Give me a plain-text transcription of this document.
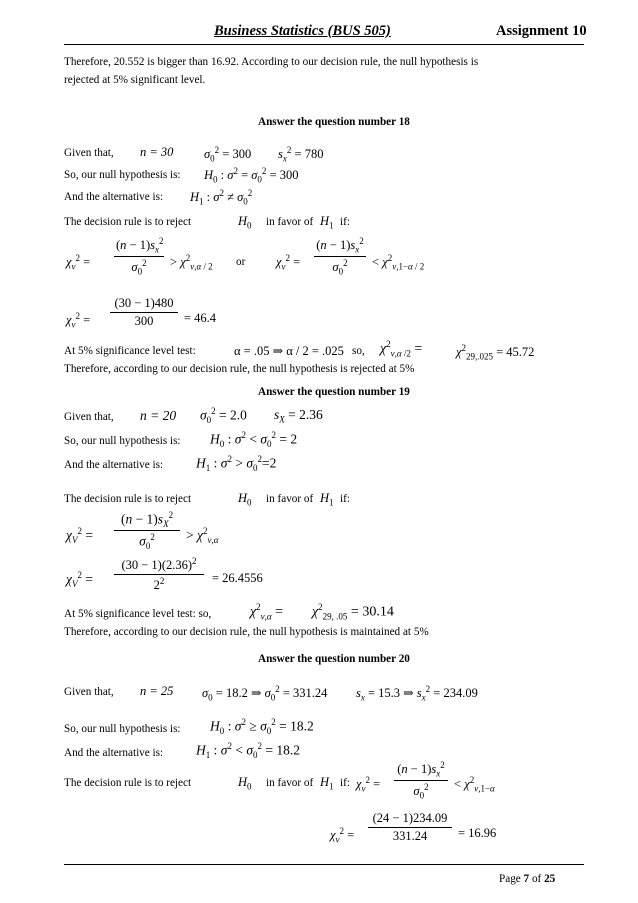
Business Statistics (BUS 505)	Assignment 10
Therefore, 20.552 is bigger than 16.92. According to our decision rule, the null hypothesis is
rejected at 5% significant level.
Answer the question number 18
Given that, n = 30 $\sigma_0^2 = 300$ $s_x^2 = 780$
So, our null hypothesis is: $H_0$ : $\sigma^2 = \sigma_0^2 = 300$
And the alternative is: $H_1$ : $\sigma^2 \ne \sigma_0^2$
The decision rule is to reject	$H_0$ in favor of $H_1$ if:
$\chi_v^2$ =
$(n - 1)s_x^2$
$\sigma_0^2$	> $\chi^2_{v,\alpha / 2}$ or $\chi_v^2$ =
$(n - 1)s_x^2$
$\sigma_0^2$	< $\chi^2_{v,1-\alpha / 2}$
$\chi_v^2$ =
(30 − 1)480
300	= 46.4
At 5% significance level test:	α = .05 ⇒ α / 2 = .025 so, $\chi^2_{v,\alpha /2}$ =	$\chi^2_{29,.025} = 45.72$
Therefore, according to our decision rule, the null hypothesis is rejected at 5%
Answer the question number 19
Given that, n = 20 $\sigma_0^2 = 2.0$ $s_X = 2.36$
So, our null hypothesis is: $H_0$ : $\sigma^2 < \sigma_0^2 = 2$
And the alternative is: $H_1$ : $\sigma^2 > \sigma_0^2=2$
The decision rule is to reject	$H_0$ in favor of $H_1$ if:
$\chi_V^2$ =
$(n - 1)s_X^2$
$\sigma_0^2$	> $\chi^2_{v,\alpha}$
$\chi_V^2$ =
$(30 - 1)(2.36)^2$
$2^2$	= 26.4556
At 5% significance level test: so,	$\chi^2_{v,\alpha} = \chi^2_{29, .05} = 30.14$
Therefore, according to our decision rule, the null hypothesis is maintained at 5%
Answer the question number 20
Given that, n = 25 $\sigma_0 = 18.2$ ⇒ $\sigma_0^2 = 331.24$ $s_x = 15.3$ ⇒ $s_x^2 = 234.09$
So, our null hypothesis is: $H_0$ : $\sigma^2 \ge \sigma_0^2 = 18.2$
And the alternative is: $H_1$ : $\sigma^2 < \sigma_0^2 = 18.2$
The decision rule is to reject	$H_0$ in favor of $H_1$ if: $\chi_v^2$ =
$(n - 1)s_x^2$
$\sigma_0^2$	< $\chi^2_{v,1-\alpha}$
$\chi_v^2$ =
(24 − 1)234.09
331.24	= 16.96
Page 7 of 25
